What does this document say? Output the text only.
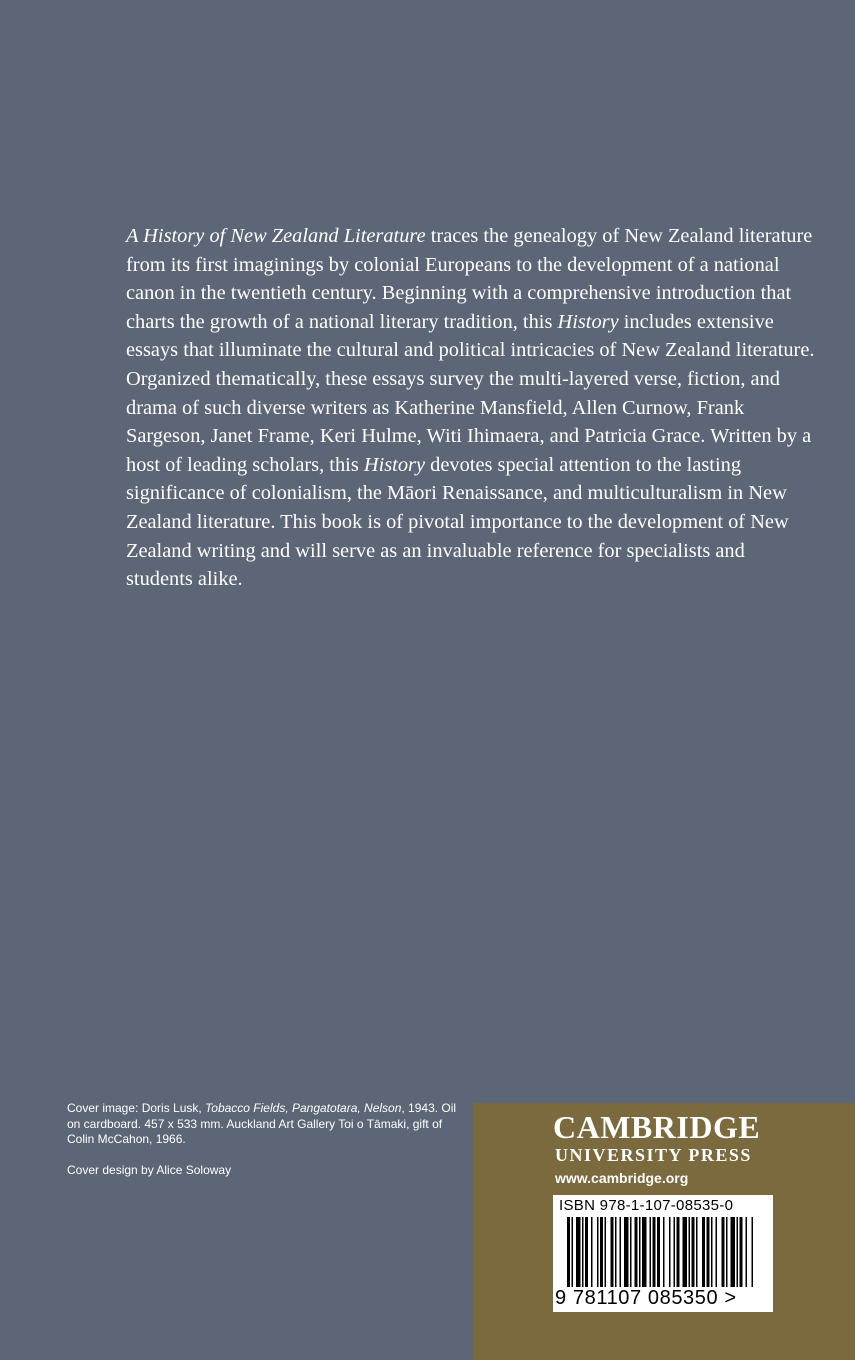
A History of New Zealand Literature traces the genealogy of New Zealand literature from its first imaginings by colonial Europeans to the development of a national canon in the twentieth century. Beginning with a comprehensive introduction that charts the growth of a national literary tradition, this History includes extensive essays that illuminate the cultural and political intricacies of New Zealand literature. Organized thematically, these essays survey the multi-layered verse, fiction, and drama of such diverse writers as Katherine Mansfield, Allen Curnow, Frank Sargeson, Janet Frame, Keri Hulme, Witi Ihimaera, and Patricia Grace. Written by a host of leading scholars, this History devotes special attention to the lasting significance of colonialism, the Māori Renaissance, and multiculturalism in New Zealand literature. This book is of pivotal importance to the development of New Zealand writing and will serve as an invaluable reference for specialists and students alike.

Cover image: Doris Lusk, Tobacco Fields, Pangatotara, Nelson, 1943. Oil on cardboard. 457 x 533 mm. Auckland Art Gallery Toi o Tāmaki, gift of Colin McCahon, 1966.

Cover design by Alice Soloway

CAMBRIDGE
UNIVERSITY PRESS
www.cambridge.org
ISBN 978-1-107-08535-0
9 781107 085350 >
